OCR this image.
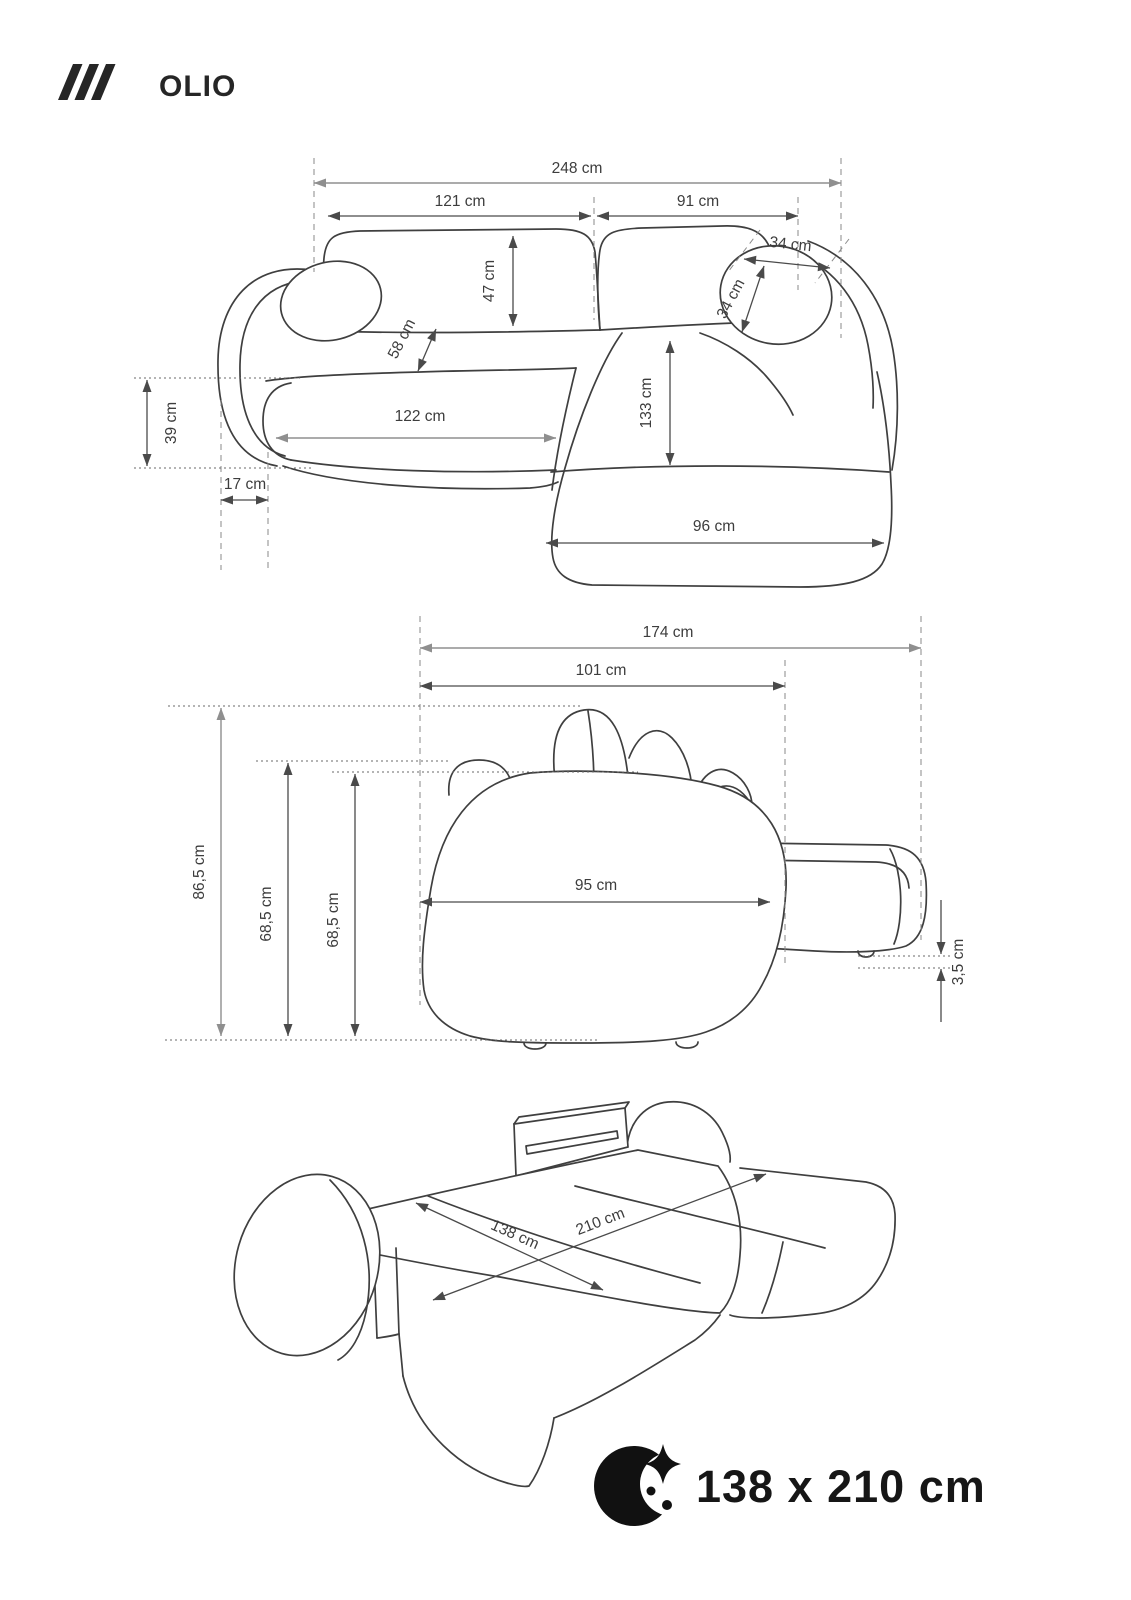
OLIO
248 cm
121 cm	91 cm
47 cm
34 cm
34 cm
58 cm
122 cm
39 cm
17 cm
133 cm
96 cm
174 cm
101 cm
86,5 cm
68,5 cm	68,5 cm
95 cm
3,5 cm
138 cm 210 cm
138 x 210 cm
